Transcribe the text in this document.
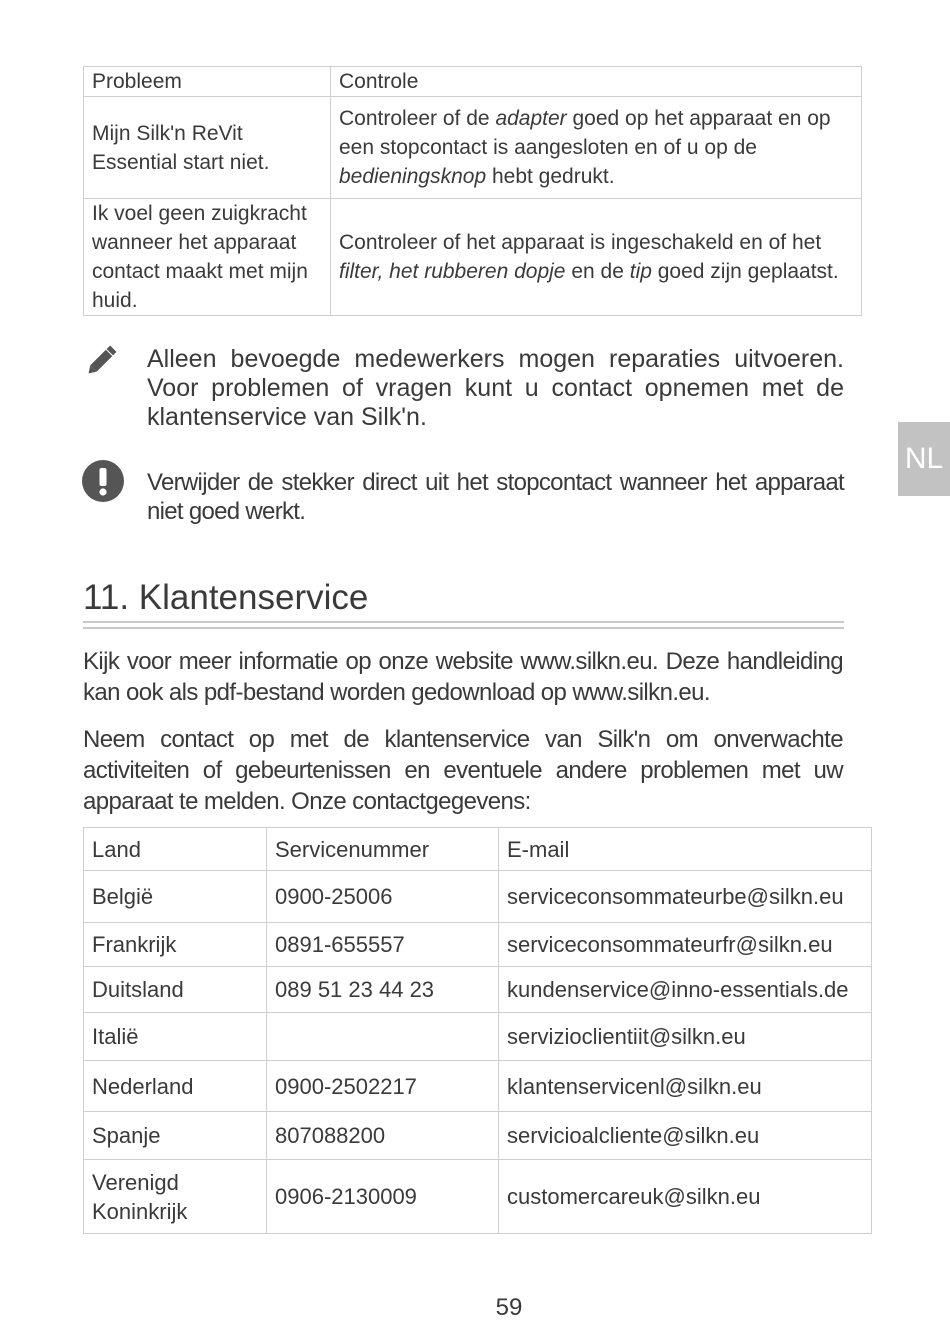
Probleem	Controle
Mijn Silk'n ReVit Essential start niet.	Controleer of de adapter goed op het apparaat en op een stopcontact is aangesloten en of u op de bedieningsknop hebt gedrukt.
Ik voel geen zuigkracht wanneer het apparaat contact maakt met mijn huid.	Controleer of het apparaat is ingeschakeld en of het filter, het rubberen dopje en de tip goed zijn geplaatst.
Alleen bevoegde medewerkers mogen reparaties uitvoeren. Voor problemen of vragen kunt u contact opnemen met de klantenservice van Silk'n.
Verwijder de stekker direct uit het stopcontact wanneer het apparaat niet goed werkt.
NL
11. Klantenservice
Kijk voor meer informatie op onze website www.silkn.eu. Deze handleiding kan ook als pdf-bestand worden gedownload op www.silkn.eu.
Neem contact op met de klantenservice van Silk'n om onverwachte activiteiten of gebeurtenissen en eventuele andere problemen met uw apparaat te melden. Onze contactgegevens:
Land	Servicenummer	E-mail
België	0900-25006	serviceconsommateurbe@silkn.eu
Frankrijk	0891-655557	serviceconsommateurfr@silkn.eu
Duitsland	089 51 23 44 23	kundenservice@inno-essentials.de
Italië		servizioclientiit@silkn.eu
Nederland	0900-2502217	klantenservicenl@silkn.eu
Spanje	807088200	servicioalcliente@silkn.eu
Verenigd Koninkrijk	0906-2130009	customercareuk@silkn.eu
59
